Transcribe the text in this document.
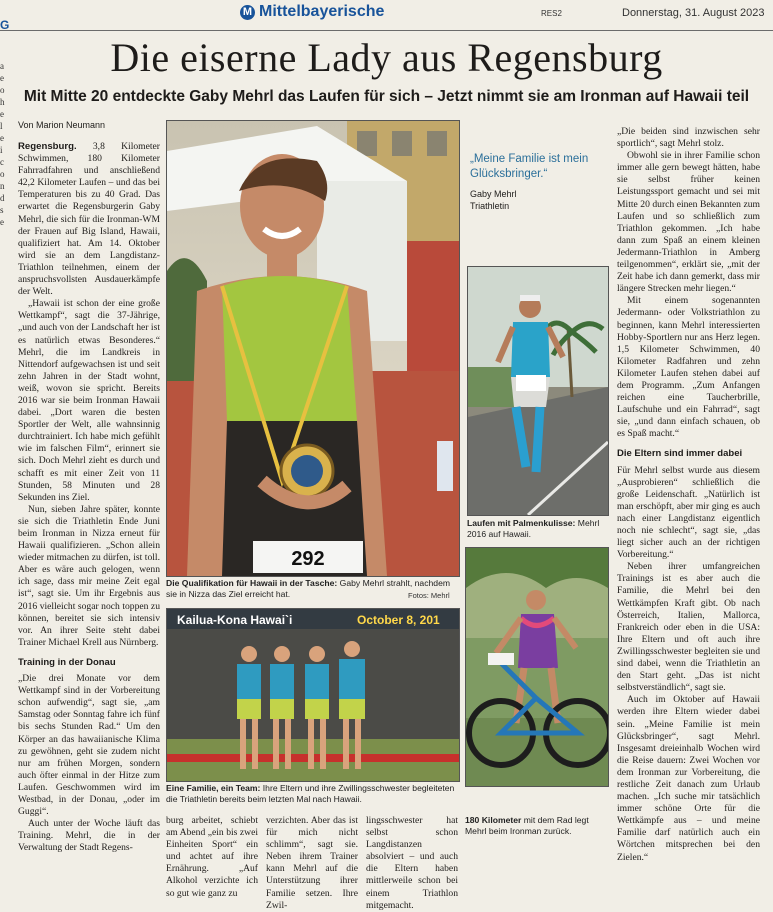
G
a
e
o
h
e
l
e
i
c
o
n
d
s
e
M Mittelbayerische	RES2	Donnerstag, 31. August 2023
Die eiserne Lady aus Regensburg
Mit Mitte 20 entdeckte Gaby Mehrl das Laufen für sich – Jetzt nimmt sie am Ironman auf Hawaii teil
Von Marion Neumann

Regensburg. 3,8 Kilometer Schwimmen, 180 Kilometer Fahrradfahren und anschließend 42,2 Kilometer Laufen – und das bei Temperaturen bis zu 40 Grad. Das erwartet die Regensburgerin Gaby Mehrl, die sich für die Ironman-WM der Frauen auf Big Island, Hawaii, qualifiziert hat. Am 14. Oktober wird sie an dem Langdistanz-Triathlon teilnehmen, einem der anspruchsvollsten Ausdauerkämpfe der Welt.

„Hawaii ist schon der eine große Wettkampf“, sagt die 37-Jährige, „und auch von der Landschaft her ist es natürlich etwas Besonderes.“ Mehrl, die im Landkreis in Nittendorf aufgewachsen ist und seit zehn Jahren in der Stadt wohnt, weiß, wovon sie spricht. Bereits 2016 war sie beim Ironman Hawaii dabei. „Dort waren die besten Sportler der Welt, alle wahnsinnig durchtrainiert. Ich habe mich gefühlt wie im falschen Film“, erinnert sie sich. Doch Mehrl zieht es durch und schafft es mit einer Zeit von 11 Stunden, 58 Minuten und 28 Sekunden ins Ziel.

Nun, sieben Jahre später, konnte sie sich die Triathletin Ende Juni beim Ironman in Nizza erneut für Hawaii qualifizieren. „Schon allein wieder mitmachen zu dürfen, ist toll. Aber es wäre auch gelogen, wenn ich sage, dass mir meine Zeit egal ist“, sagt sie. Um ihr Ergebnis aus 2016 vielleicht sogar noch toppen zu können, bereitet sie sich intensiv vor. An ihrer Seite steht dabei Trainer Michael Krell aus Nürnberg.

Training in der Donau

„Die drei Monate vor dem Wettkampf sind in der Vorbereitung schon aufwendig“, sagt sie, „am Samstag oder Sonntag fahre ich fünf bis sechs Stunden Rad.“ Um den Körper an das hawaiianische Klima zu gewöhnen, geht sie zudem nicht nur am frühen Morgen, sondern auch öfter einmal in der Hitze zum Laufen. Geschwommen wird im Westbad, in der Donau, „oder im Guggi“.

Auch unter der Woche läuft das Training. Mehrl, die in der Verwaltung der Stadt Regens-

292
Die Qualifikation für Hawaii in der Tasche: Gaby Mehrl strahlt, nachdem sie in Nizza das Ziel erreicht hat.	Fotos: Mehrl
Kailua-Kona Hawai`i	October 8, 201
Eine Familie, ein Team: Ihre Eltern und ihre Zwillingsschwester begleiteten die Triathletin bereits beim letzten Mal nach Hawaii.

burg arbeitet, schiebt am Abend „ein bis zwei Einheiten Sport“ ein und achtet auf ihre Ernährung. „Auf Alkohol verzichte ich so gut wie ganz zu

verzichten. Aber das ist für mich nicht schlimm“, sagt sie. Neben ihrem Trainer kann Mehrl auf die Unterstützung ihrer Familie setzen. Ihre Zwil-

lingsschwester hat selbst schon Langdistanzen absolviert – und auch die Eltern haben mittlerweile schon bei einem Triathlon mitgemacht.

„Meine Familie ist mein Glücksbringer.“
Gaby Mehrl
Triathletin
Laufen mit Palmenkulisse: Mehrl 2016 auf Hawaii.
180 Kilometer mit dem Rad legt Mehrl beim Ironman zurück.

„Die beiden sind inzwischen sehr sportlich“, sagt Mehrl stolz.

Obwohl sie in ihrer Familie schon immer alle gern bewegt hätten, habe sie selbst früher keinen Leistungssport gemacht und sei mit Mitte 20 durch einen Bekannten zum Laufen und so schließlich zum Triathlon gekommen. „Ich habe dann zum Spaß an einem kleinen Jedermann-Triathlon in Amberg teilgenommen“, erklärt sie, „mit der Zeit habe ich dann gemerkt, dass mir längere Strecken mehr liegen.“

Mit einem sogenannten Jedermann- oder Volkstriathlon zu beginnen, kann Mehrl interessierten Hobby-Sportlern nur ans Herz legen. 1,5 Kilometer Schwimmen, 40 Kilometer Radfahren und zehn Kilometer Laufen stehen dabei auf dem Programm. „Zum Anfangen reichen eine Taucherbrille, Laufschuhe und ein Fahrrad“, sagt sie, „und dann einfach schauen, ob es Spaß macht.“

Die Eltern sind immer dabei

Für Mehrl selbst wurde aus diesem „Ausprobieren“ schließlich die große Leidenschaft. „Natürlich ist man erschöpft, aber mir ging es auch nach einer Langdistanz eigentlich noch nie schlecht“, sagt sie, „das liegt sicher auch an der richtigen Vorbereitung.“

Neben ihrer umfangreichen Trainings ist es aber auch die Familie, die Mehrl bei den Wettkämpfen Kraft gibt. Ob nach Österreich, Italien, Mallorca, Frankreich oder eben in die USA: Ihre Eltern und oft auch ihre Zwillingsschwester begleiten sie und sind dabei, wenn die Triathletin an den Start geht. „Das ist nicht selbstverständlich“, sagt sie.

Auch im Oktober auf Hawaii werden ihre Eltern wieder dabei sein. „Meine Familie ist mein Glücksbringer“, sagt Mehrl. Insgesamt dreieinhalb Wochen wird die Reise dauern: Zwei Wochen vor dem Ironman zur Vorbereitung, die restliche Zeit danach zum Urlaub machen. „Ich suche mir tatsächlich immer schöne Orte für die Wettkämpfe aus – und meine Familie darf natürlich auch ein Wörtchen mitsprechen bei den Zielen.“
